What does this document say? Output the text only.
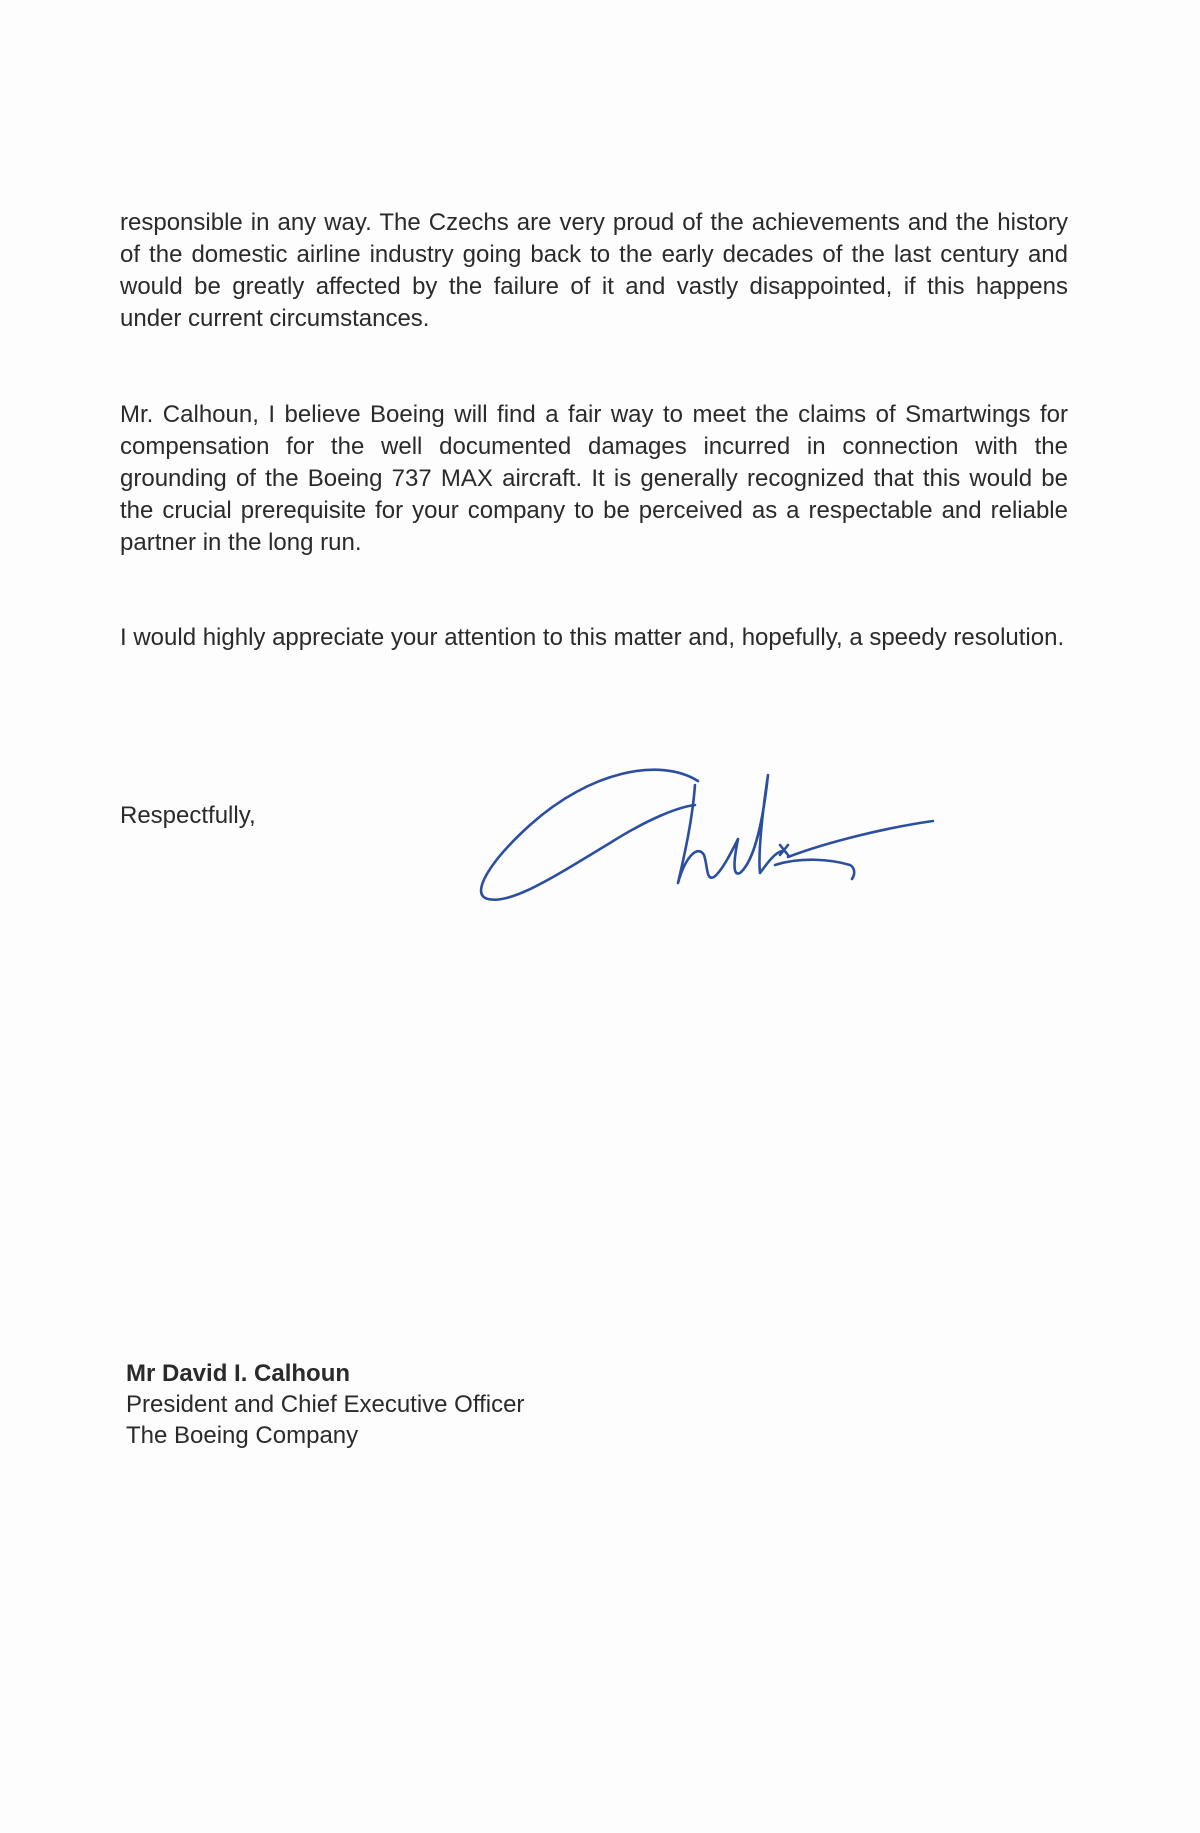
responsible in any way. The Czechs are very proud of the achievements and the history of the domestic airline industry going back to the early decades of the last century and would be greatly affected by the failure of it and vastly disappointed, if this happens under current circumstances.

Mr. Calhoun, I believe Boeing will find a fair way to meet the claims of Smartwings for compensation for the well documented damages incurred in connection with the grounding of the Boeing 737 MAX aircraft. It is generally recognized that this would be the crucial prerequisite for your company to be perceived as a respectable and reliable partner in the long run.

I would highly appreciate your attention to this matter and, hopefully, a speedy resolution.

Respectfully,

Mr David I. Calhoun
President and Chief Executive Officer
The Boeing Company
